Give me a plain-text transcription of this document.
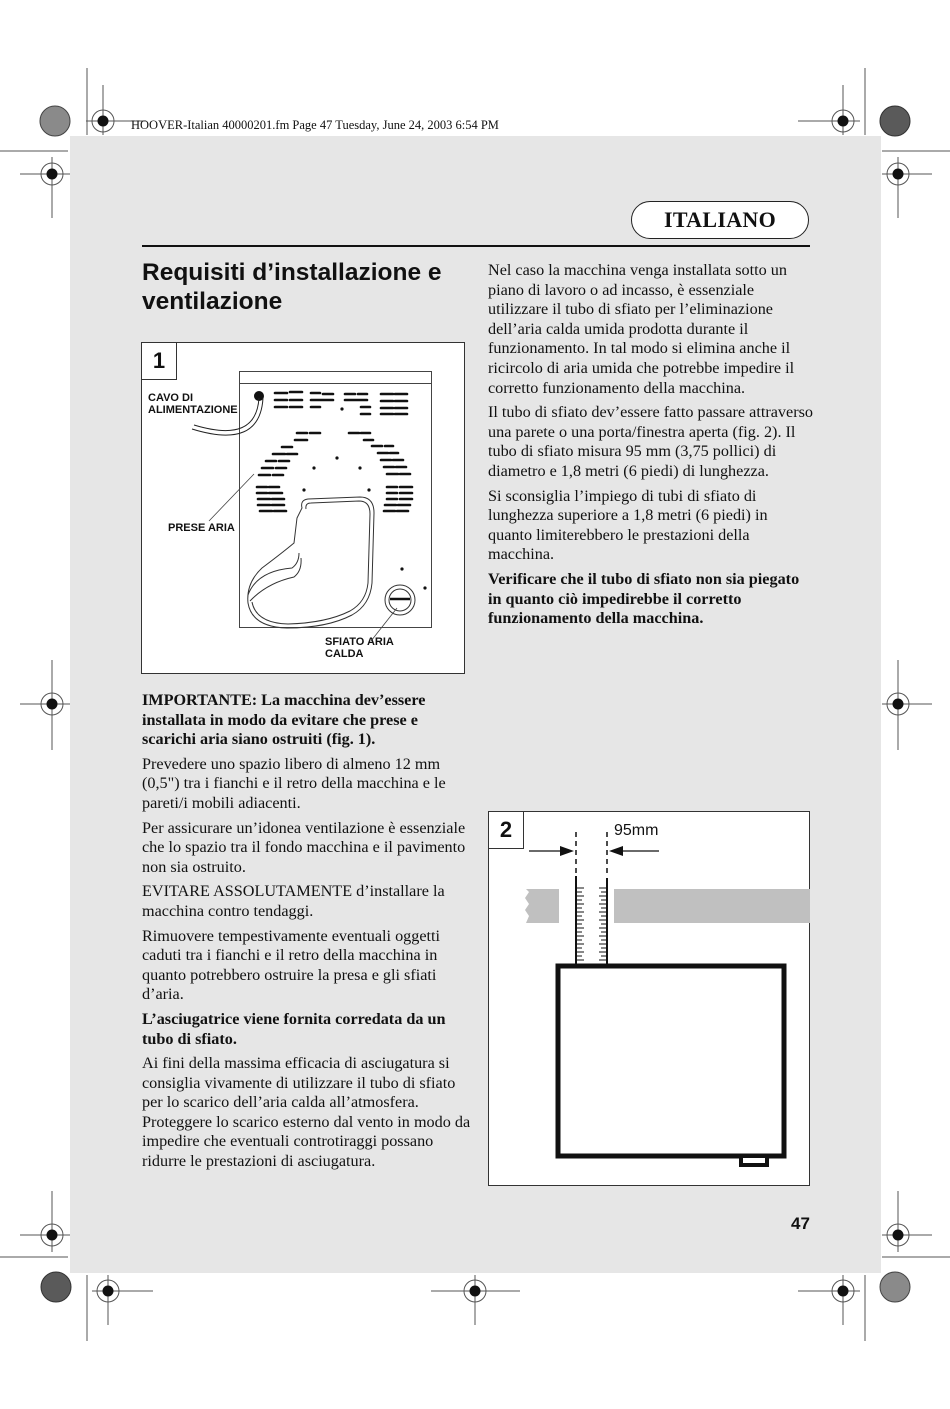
HOOVER-Italian 40000201.fm Page 47 Tuesday, June 24, 2003 6:54 PM
ITALIANO
Requisiti d’installazione e ventilazione
1
CAVO DI
ALIMENTAZIONE
PRESE ARIA
SFIATO ARIA
CALDA

IMPORTANTE: La macchina dev’essere installata in modo da evitare che prese e scarichi aria siano ostruiti (fig. 1).

Prevedere uno spazio libero di almeno 12 mm (0,5") tra i fianchi e il retro della macchina e le pareti/i mobili adiacenti.

Per assicurare un’idonea ventilazione è essenziale che lo spazio tra il fondo macchina e il pavimento non sia ostruito.

EVITARE ASSOLUTAMENTE d’installare la macchina contro tendaggi.

Rimuovere tempestivamente eventuali oggetti caduti tra i fianchi e il retro della macchina in quanto potrebbero ostruire la presa e gli sfiati d’aria.

L’asciugatrice viene fornita corredata da un tubo di sfiato.

Ai fini della massima efficacia di asciugatura si consiglia vivamente di utilizzare il tubo di sfiato per lo scarico dell’aria calda all’atmosfera. Proteggere lo scarico esterno dal vento in modo da impedire che eventuali controtiraggi possano ridurre le prestazioni di asciugatura.

Nel caso la macchina venga installata sotto un piano di lavoro o ad incasso, è essenziale utilizzare il tubo di sfiato per l’eliminazione dell’aria calda umida prodotta durante il funzionamento. In tal modo si elimina anche il ricircolo di aria umida che potrebbe impedire il corretto funzionamento della macchina.

Il tubo di sfiato dev’essere fatto passare attraverso una parete o una porta/finestra aperta (fig. 2). Il tubo di sfiato misura 95 mm (3,75 pollici) di diametro e 1,8 metri (6 piedi) di lunghezza.

Si sconsiglia l’impiego di tubi di sfiato di lunghezza superiore a 1,8 metri (6 piedi) in quanto limiterebbero le prestazioni della macchina.

Verificare che il tubo di sfiato non sia piegato in quanto ciò impedirebbe il corretto funzionamento della macchina.

2	95mm
47
